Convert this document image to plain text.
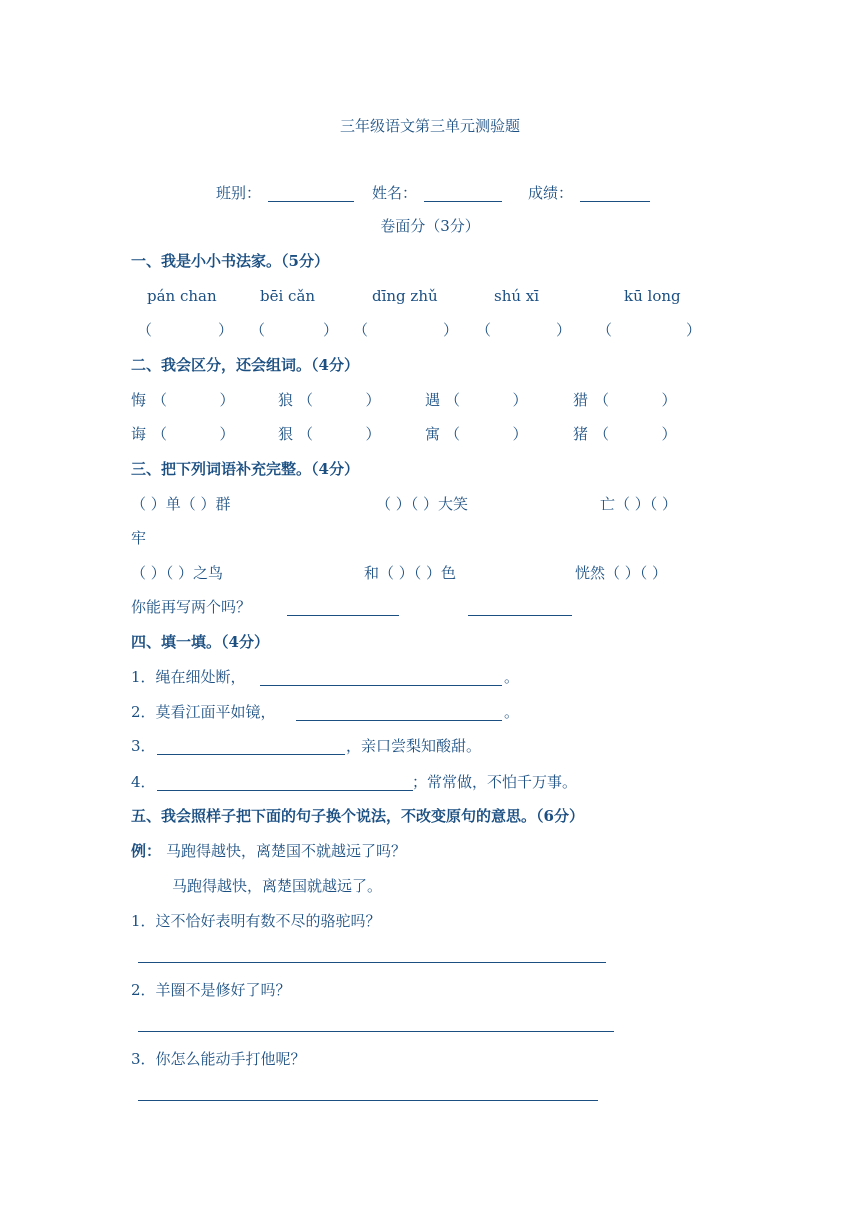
三年级语文第三单元测验题
班别：	姓名：	成绩：
卷面分（3分）
一、我是小小书法家。（5分）
pán chan	bēi cǎn	dīng zhǔ	shú xī	kū long
（	） （	） （	） （	） （	）
二、我会区分，还会组词。（4分）
悔 （           ）	狼 （           ）	遇 （           ）	猎 （           ）
诲 （           ）	狠 （           ）	寓 （           ）	猪 （           ）
三、把下列词语补充完整。（4分）
（ ）单（ ）群	（ ）（ ）大笑	亡（ ）（ ）
牢
（ ）（ ）之鸟	和（ ）（ ）色	恍然（ ）（ ）
你能再写两个吗？
四、填一填。（4分）
1．绳在细处断，	。
2．莫看江面平如镜，	。
3．	，亲口尝梨知酸甜。
4．	；常常做，不怕千万事。
五、我会照样子把下面的句子换个说法，不改变原句的意思。（6分）
例： 马跑得越快，离楚国不就越远了吗？
马跑得越快，离楚国就越远了。
1．这不恰好表明有数不尽的骆驼吗？
2．羊圈不是修好了吗？
3．你怎么能动手打他呢？
